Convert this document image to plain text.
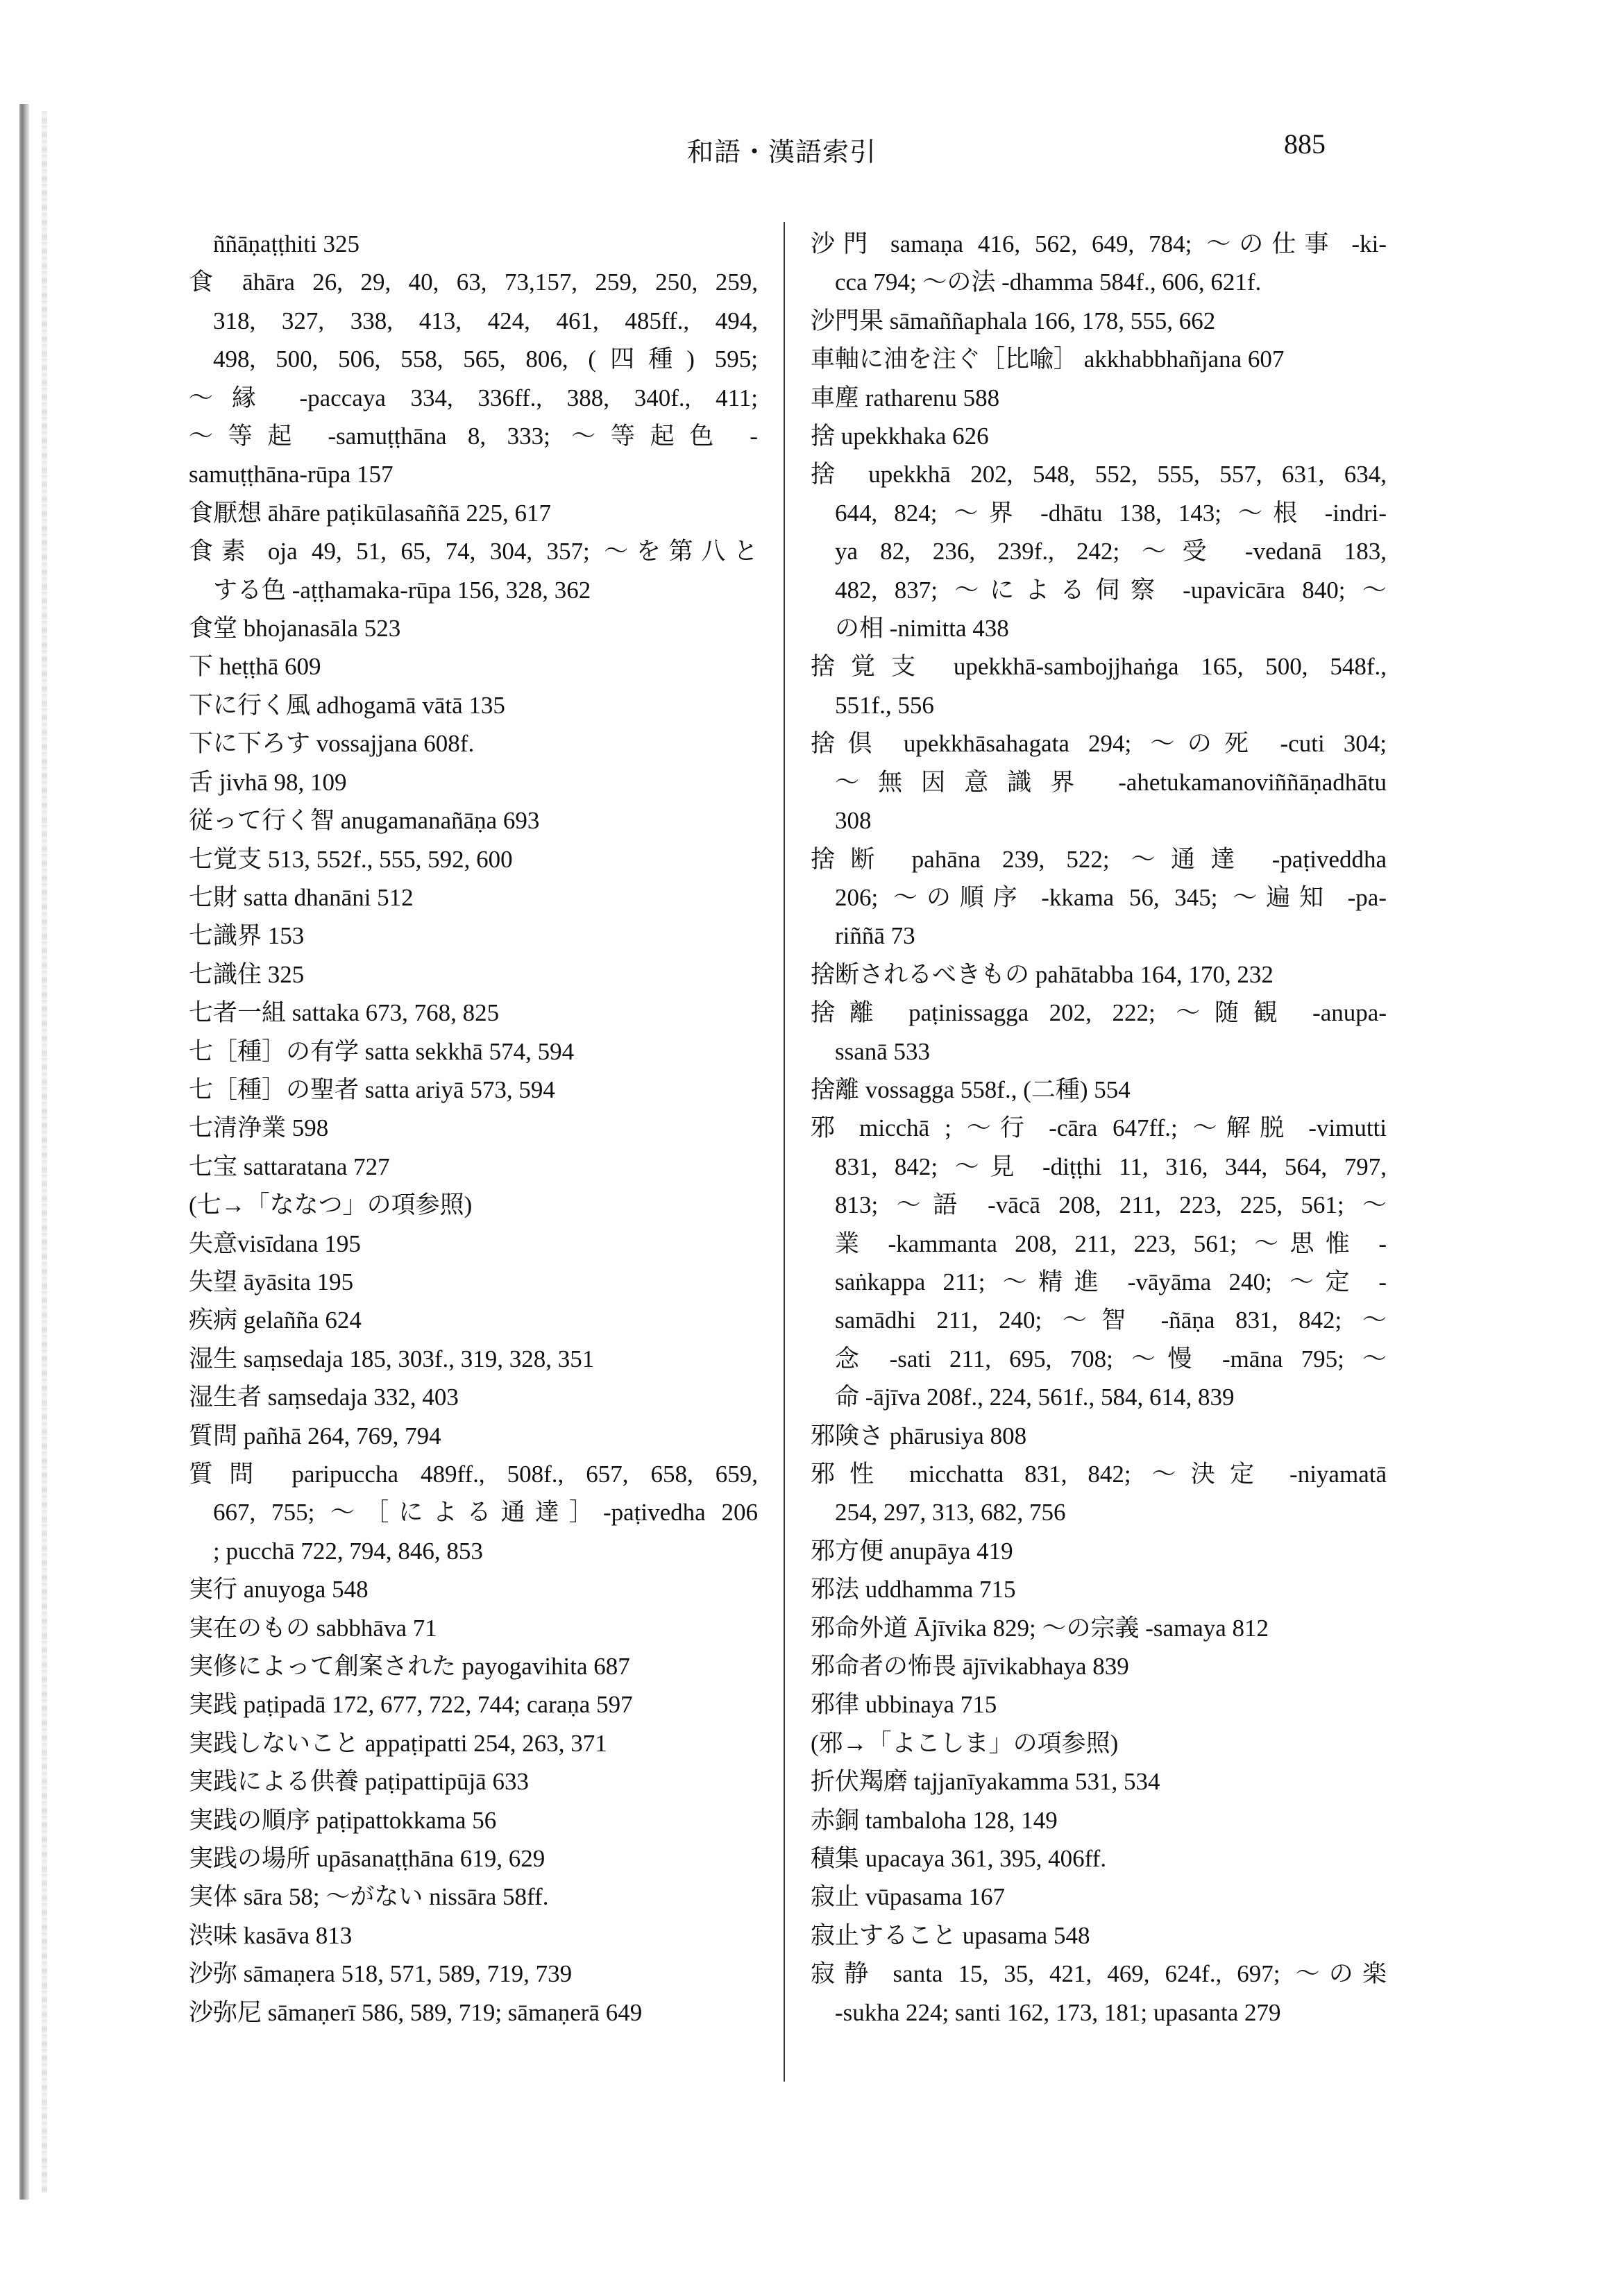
和語・漢語索引	885
ññāṇaṭṭhiti 325
食 āhāra 26, 29, 40, 63, 73,157, 259, 250, 259,
318, 327, 338, 413, 424, 461, 485ff., 494,
498, 500, 506, 558, 565, 806, (四種) 595;
～縁 -paccaya 334, 336ff., 388, 340f., 411;
～等起 -samuṭṭhāna 8, 333; ～等起色 -
samuṭṭhāna-rūpa 157
食厭想 āhāre paṭikūlasaññā 225, 617
食素 oja 49, 51, 65, 74, 304, 357; ～を第八と
する色 -aṭṭhamaka-rūpa 156, 328, 362
食堂 bhojanasāla 523
下 heṭṭhā 609
下に行く風 adhogamā vātā 135
下に下ろす vossajjana 608f.
舌 jivhā 98, 109
従って行く智 anugamanañāṇa 693
七覚支 513, 552f., 555, 592, 600
七財 satta dhanāni 512
七識界 153
七識住 325
七者一組 sattaka 673, 768, 825
七［種］の有学 satta sekkhā 574, 594
七［種］の聖者 satta ariyā 573, 594
七清浄業 598
七宝 sattaratana 727
(七→「ななつ」の項参照)
失意visīdana 195
失望 āyāsita 195
疾病 gelañña 624
湿生 saṃsedaja 185, 303f., 319, 328, 351
湿生者 saṃsedaja 332, 403
質問 pañhā 264, 769, 794
質問 paripuccha 489ff., 508f., 657, 658, 659,
667, 755; ～［による通達］-paṭivedha 206
; pucchā 722, 794, 846, 853
実行 anuyoga 548
実在のもの sabbhāva 71
実修によって創案された payogavihita 687
実践 paṭipadā 172, 677, 722, 744; caraṇa 597
実践しないこと appaṭipatti 254, 263, 371
実践による供養 paṭipattipūjā 633
実践の順序 paṭipattokkama 56
実践の場所 upāsanaṭṭhāna 619, 629
実体 sāra 58; ～がない nissāra 58ff.
渋味 kasāva 813
沙弥 sāmaṇera 518, 571, 589, 719, 739
沙弥尼 sāmaṇerī 586, 589, 719; sāmaṇerā 649
沙門 samaṇa 416, 562, 649, 784; ～の仕事 -ki-
cca 794; ～の法 -dhamma 584f., 606, 621f.
沙門果 sāmaññaphala 166, 178, 555, 662
車軸に油を注ぐ［比喩］ akkhabbhañjana 607
車塵 ratharenu 588
捨 upekkhaka 626
捨 upekkhā 202, 548, 552, 555, 557, 631, 634,
644, 824; ～界 -dhātu 138, 143; ～根 -indri-
ya 82, 236, 239f., 242; ～受 -vedanā 183,
482, 837; ～による伺察 -upavicāra 840; ～
の相 -nimitta 438
捨覚支 upekkhā-sambojjhaṅga 165, 500, 548f.,
551f., 556
捨倶 upekkhāsahagata 294; ～の死 -cuti 304;
～無因意識界 -ahetukamanoviññāṇadhātu
308
捨断 pahāna 239, 522; ～通達 -paṭiveddha
206; ～の順序 -kkama 56, 345; ～遍知 -pa-
riññā 73
捨断されるべきもの pahātabba 164, 170, 232
捨離 paṭinissagga 202, 222; ～随観 -anupa-
ssanā 533
捨離 vossagga 558f., (二種) 554
邪 micchā ; ～行 -cāra 647ff.; ～解脱 -vimutti
831, 842; ～見 -diṭṭhi 11, 316, 344, 564, 797,
813; ～語 -vācā 208, 211, 223, 225, 561; ～
業 -kammanta 208, 211, 223, 561; ～思惟 -
saṅkappa 211; ～精進 -vāyāma 240; ～定 -
samādhi 211, 240; ～智 -ñāṇa 831, 842; ～
念 -sati 211, 695, 708; ～慢 -māna 795; ～
命 -ājīva 208f., 224, 561f., 584, 614, 839
邪険さ phārusiya 808
邪性 micchatta 831, 842; ～決定 -niyamatā
254, 297, 313, 682, 756
邪方便 anupāya 419
邪法 uddhamma 715
邪命外道 Ājīvika 829; ～の宗義 -samaya 812
邪命者の怖畏 ājīvikabhaya 839
邪律 ubbinaya 715
(邪→「よこしま」の項参照)
折伏羯磨 tajjanīyakamma 531, 534
赤銅 tambaloha 128, 149
積集 upacaya 361, 395, 406ff.
寂止 vūpasama 167
寂止すること upasama 548
寂静 santa 15, 35, 421, 469, 624f., 697; ～の楽
-sukha 224; santi 162, 173, 181; upasanta 279
